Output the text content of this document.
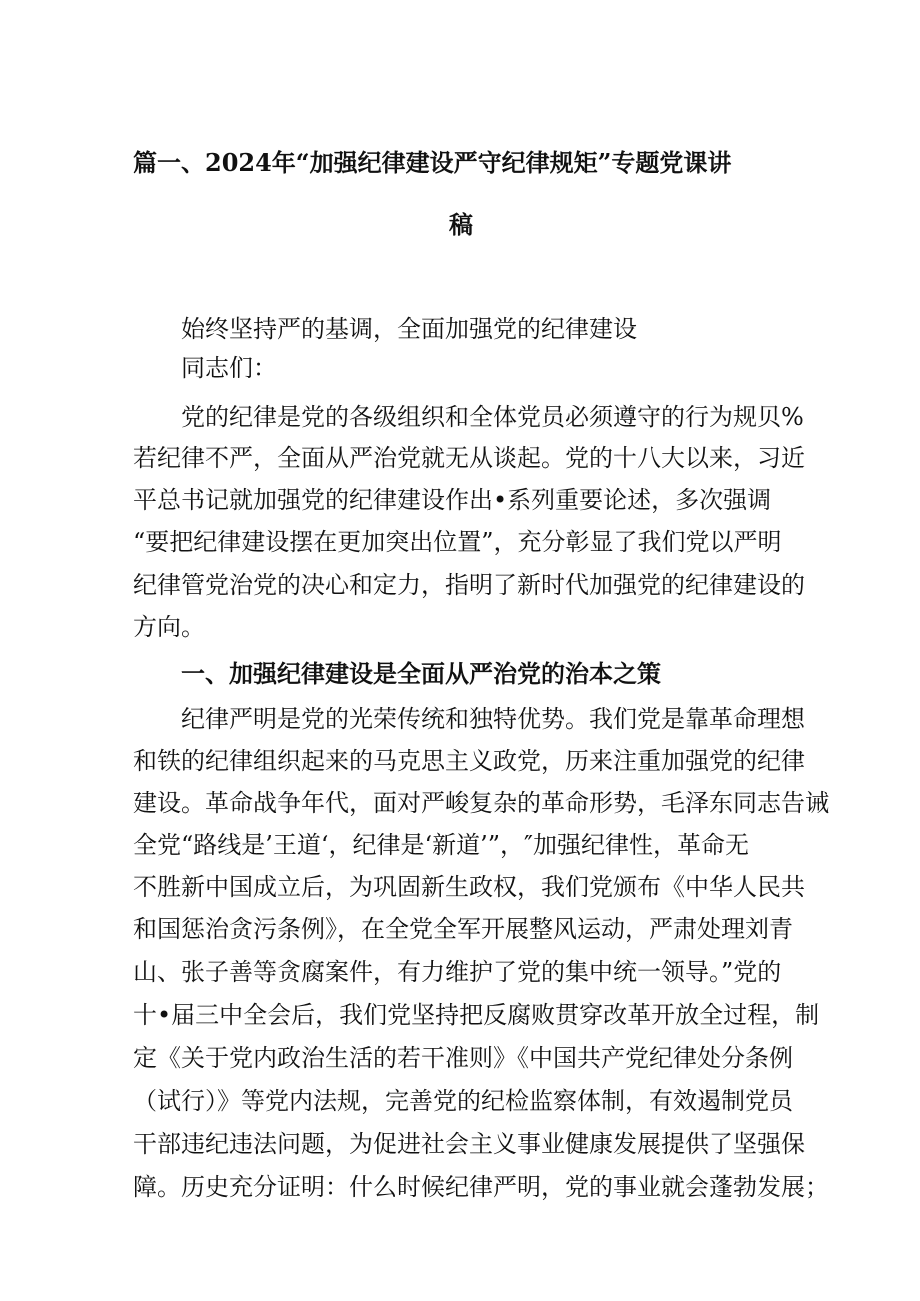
篇一、2024年“加强纪律建设严守纪律规矩”专题党课讲
稿
始终坚持严的基调，全面加强党的纪律建设
同志们：
党的纪律是党的各级组织和全体党员必须遵守的行为规贝%
若纪律不严，全面从严治党就无从谈起。党的十八大以来，习近
平总书记就加强党的纪律建设作出•系列重要论述，多次强调
“要把纪律建设摆在更加突出位置”，充分彰显了我们党以严明
纪律管党治党的决心和定力，指明了新时代加强党的纪律建设的
方向。
一、加强纪律建设是全面从严治党的治本之策
纪律严明是党的光荣传统和独特优势。我们党是靠革命理想
和铁的纪律组织起来的马克思主义政党，历来注重加强党的纪律
建设。革命战争年代，面对严峻复杂的革命形势，毛泽东同志告诫
全党“路线是’王道‘，纪律是‘新道’”，″加强纪律性，革命无
不胜新中国成立后，为巩固新生政权，我们党颁布《中华人民共
和国惩治贪污条例》，在全党全军开展整风运动，严肃处理刘青
山、张子善等贪腐案件，有力维护了党的集中统一领导。”党的
十•届三中全会后，我们党坚持把反腐败贯穿改革开放全过程，制
定《关于党内政治生活的若干准则》《中国共产党纪律处分条例
（试行）》等党内法规，完善党的纪检监察体制，有效遏制党员
干部违纪违法问题，为促进社会主义事业健康发展提供了坚强保
障。历史充分证明：什么时候纪律严明，党的事业就会蓬勃发展；
